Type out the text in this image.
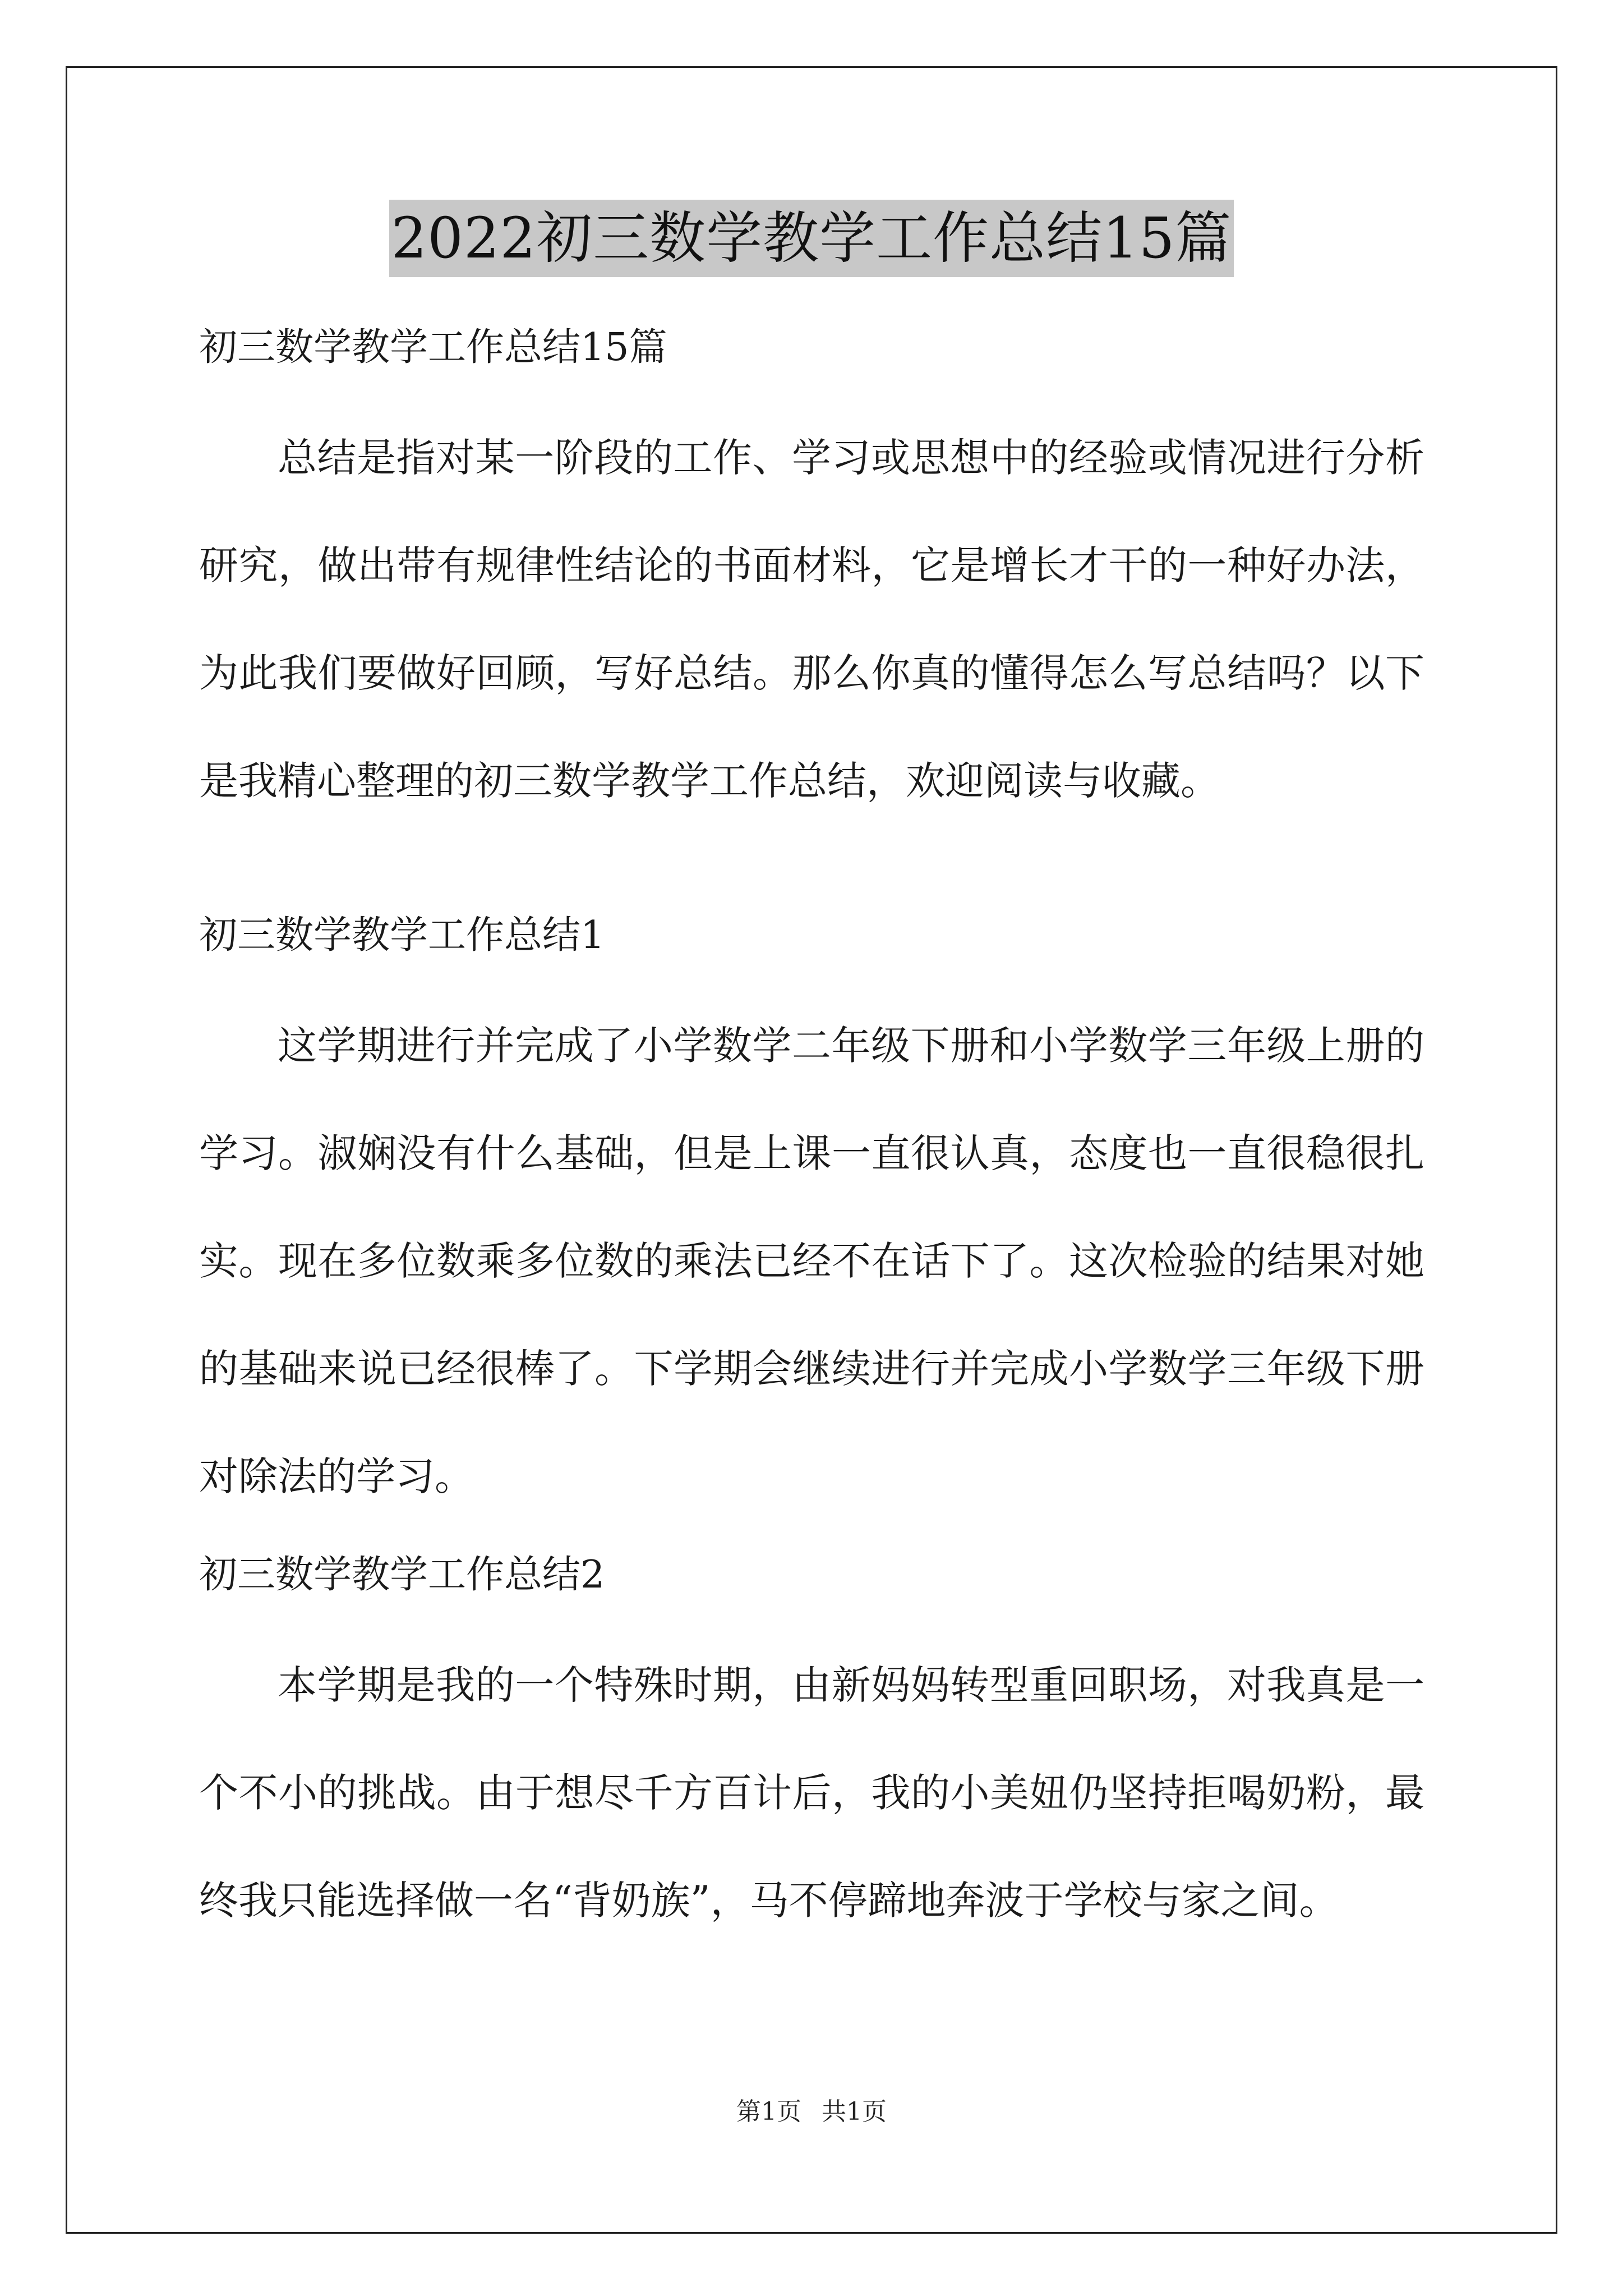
2022初三数学教学工作总结15篇

初三数学教学工作总结15篇

总结是指对某一阶段的工作、学习或思想中的经验或情况进行分析研究，做出带有规律性结论的书面材料，它是增长才干的一种好办法，为此我们要做好回顾，写好总结。那么你真的懂得怎么写总结吗？以下是我精心整理的初三数学教学工作总结，欢迎阅读与收藏。

初三数学教学工作总结1

这学期进行并完成了小学数学二年级下册和小学数学三年级上册的学习。淑娴没有什么基础，但是上课一直很认真，态度也一直很稳很扎实。现在多位数乘多位数的乘法已经不在话下了。这次检验的结果对她的基础来说已经很棒了。下学期会继续进行并完成小学数学三年级下册对除法的学习。

初三数学教学工作总结2

本学期是我的一个特殊时期，由新妈妈转型重回职场，对我真是一个不小的挑战。由于想尽千方百计后，我的小美妞仍坚持拒喝奶粉，最终我只能选择做一名“背奶族”，马不停蹄地奔波于学校与家之间。

第1页 共1页
